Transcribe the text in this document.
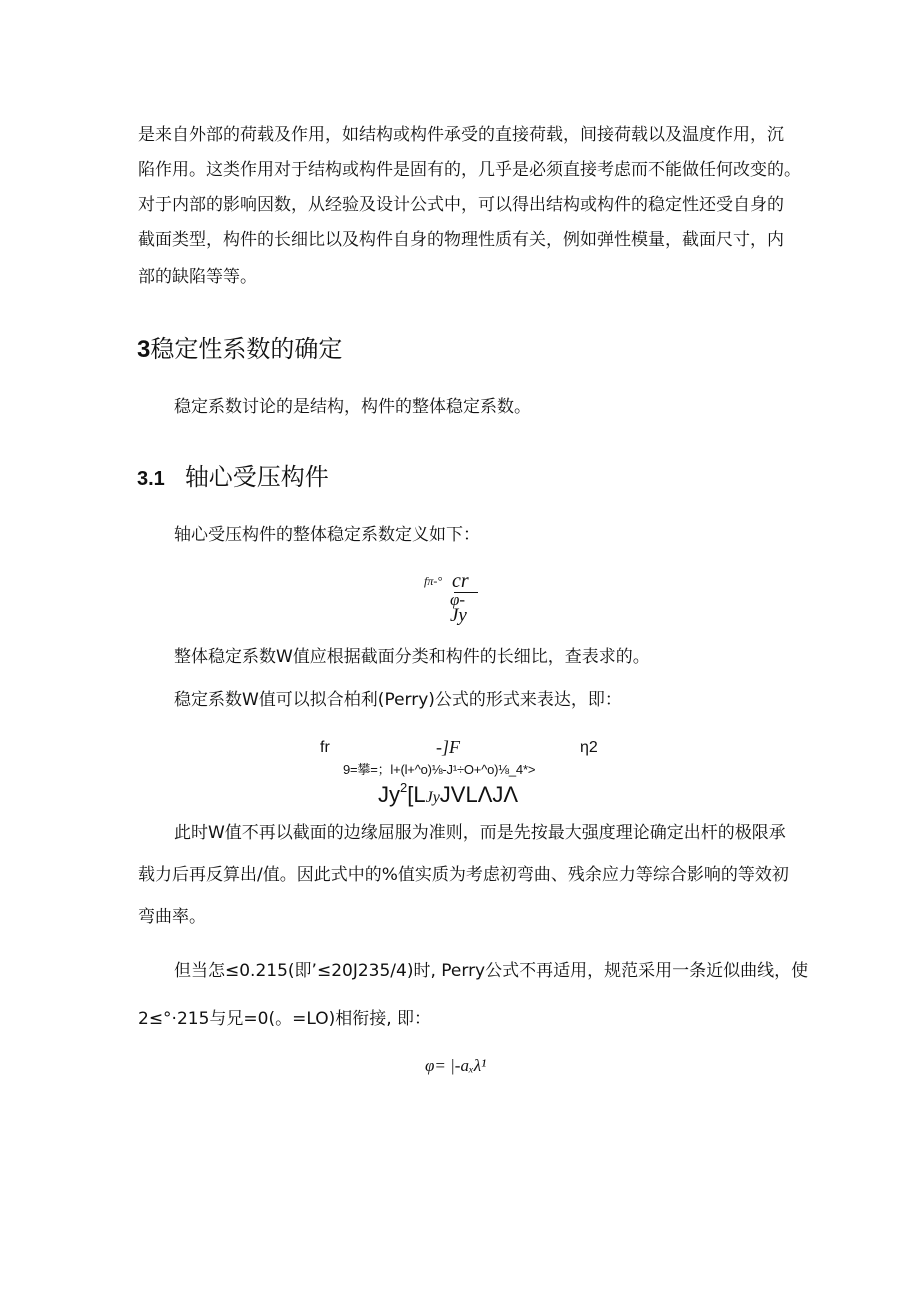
是来自外部的荷载及作用，如结构或构件承受的直接荷载，间接荷载以及温度作用，沉
陷作用。这类作用对于结构或构件是固有的，几乎是必须直接考虑而不能做任何改变的。
对于内部的影响因数，从经验及设计公式中，可以得出结构或构件的稳定性还受自身的
截面类型，构件的长细比以及构件自身的物理性质有关，例如弹性模量，截面尺寸，内
部的缺陷等等。
3稳定性系数的确定
稳定系数讨论的是结构，构件的整体稳定系数。
3.1 轴心受压构件
轴心受压构件的整体稳定系数定义如下：
fπ-° cr
φ-
Jy
整体稳定系数W值应根据截面分类和构件的长细比，查表求的。
稳定系数W值可以拟合柏利(Perry)公式的形式来表达，即：
fr	-]F	η2
9=攀=；l+(l+^o)⅛-J¹÷O+^o)⅛_4*>
$Jy^2[LJyJVL\Lambda J\Lambda$
此时W值不再以截面的边缘屈服为准则，而是先按最大强度理论确定出杆的极限承
载力后再反算出/值。因此式中的%值实质为考虑初弯曲、残余应力等综合影响的等效初
弯曲率。
但当怎≤0.215(即’≤20J235/4)时, Perry公式不再适用，规范采用一条近似曲线，使
2≤°·215与兄=0(。=LO)相衔接, 即：
φ= |-aₓλ¹
